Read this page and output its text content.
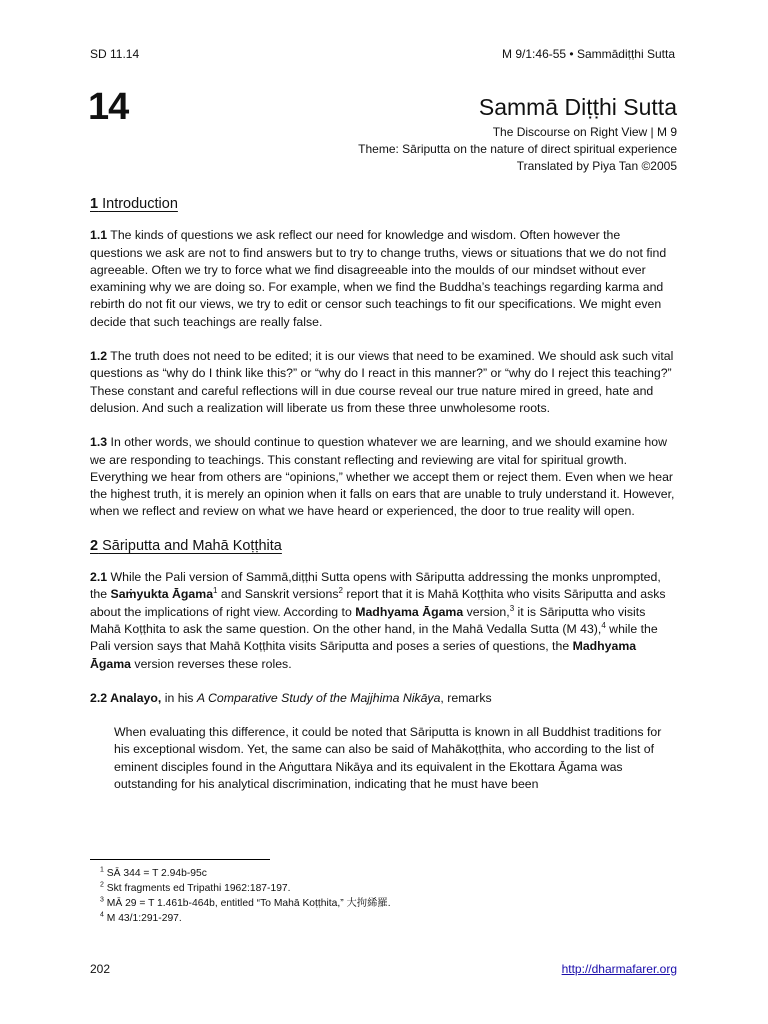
SD 11.14	M 9/1:46-55 • Sammādiṭṭhi Sutta
14	Sammā Diṭṭhi Sutta
The Discourse on Right View | M 9
Theme: Sāriputta on the nature of direct spiritual experience
Translated by Piya Tan ©2005
1 Introduction

1.1 The kinds of questions we ask reflect our need for knowledge and wisdom. Often however the questions we ask are not to find answers but to try to change truths, views or situations that we do not find agreeable. Often we try to force what we find disagreeable into the moulds of our mindset without ever examining why we are doing so. For example, when we find the Buddha’s teachings regarding karma and rebirth do not fit our views, we try to edit or censor such teachings to fit our specifications. We might even decide that such teachings are really false.

1.2 The truth does not need to be edited; it is our views that need to be examined. We should ask such vital questions as “why do I think like this?” or “why do I react in this manner?” or “why do I reject this teaching?” These constant and careful reflections will in due course reveal our true nature mired in greed, hate and delusion. And such a realization will liberate us from these three unwholesome roots.

1.3 In other words, we should continue to question whatever we are learning, and we should examine how we are responding to teachings. This constant reflecting and reviewing are vital for spiritual growth. Everything we hear from others are “opinions,” whether we accept them or reject them. Even when we hear the highest truth, it is merely an opinion when it falls on ears that are unable to truly understand it. However, when we reflect and review on what we have heard or experienced, the door to true reality will open.

2 Sāriputta and Mahā Koṭṭhita

2.1 While the Pali version of Sammā,diṭṭhi Sutta opens with Sāriputta addressing the monks unprompted, the Saṁyukta Āgama$^1$ and Sanskrit versions$^2$ report that it is Mahā Koṭṭhita who visits Sāriputta and asks about the implications of right view. According to Madhyama Āgama version,$^3$ it is Sāriputta who visits Mahā Koṭṭhita to ask the same question. On the other hand, in the Mahā Vedalla Sutta (M 43),$^4$ while the Pali version says that Mahā Koṭṭhita visits Sāriputta and poses a series of questions, the Madhyama Āgama version reverses these roles.

2.2 Analayo, in his A Comparative Study of the Majjhima Nikāya, remarks

When evaluating this difference, it could be noted that Sāriputta is known in all Buddhist traditions for his exceptional wisdom. Yet, the same can also be said of Mahākoṭṭhita, who according to the list of eminent disciples found in the Aṅguttara Nikāya and its equivalent in the Ekottara Āgama was outstanding for his analytical discrimination, indicating that he must have been

$^1$ SĀ 344 = T 2.94b-95c
$^2$ Skt fragments ed Tripathi 1962:187-197.
$^3$ MĀ 29 = T 1.461b-464b, entitled “To Mahā Koṭṭhita,” 大拘絺羅.
$^4$ M 43/1:291-297.
202	http://dharmafarer.org
